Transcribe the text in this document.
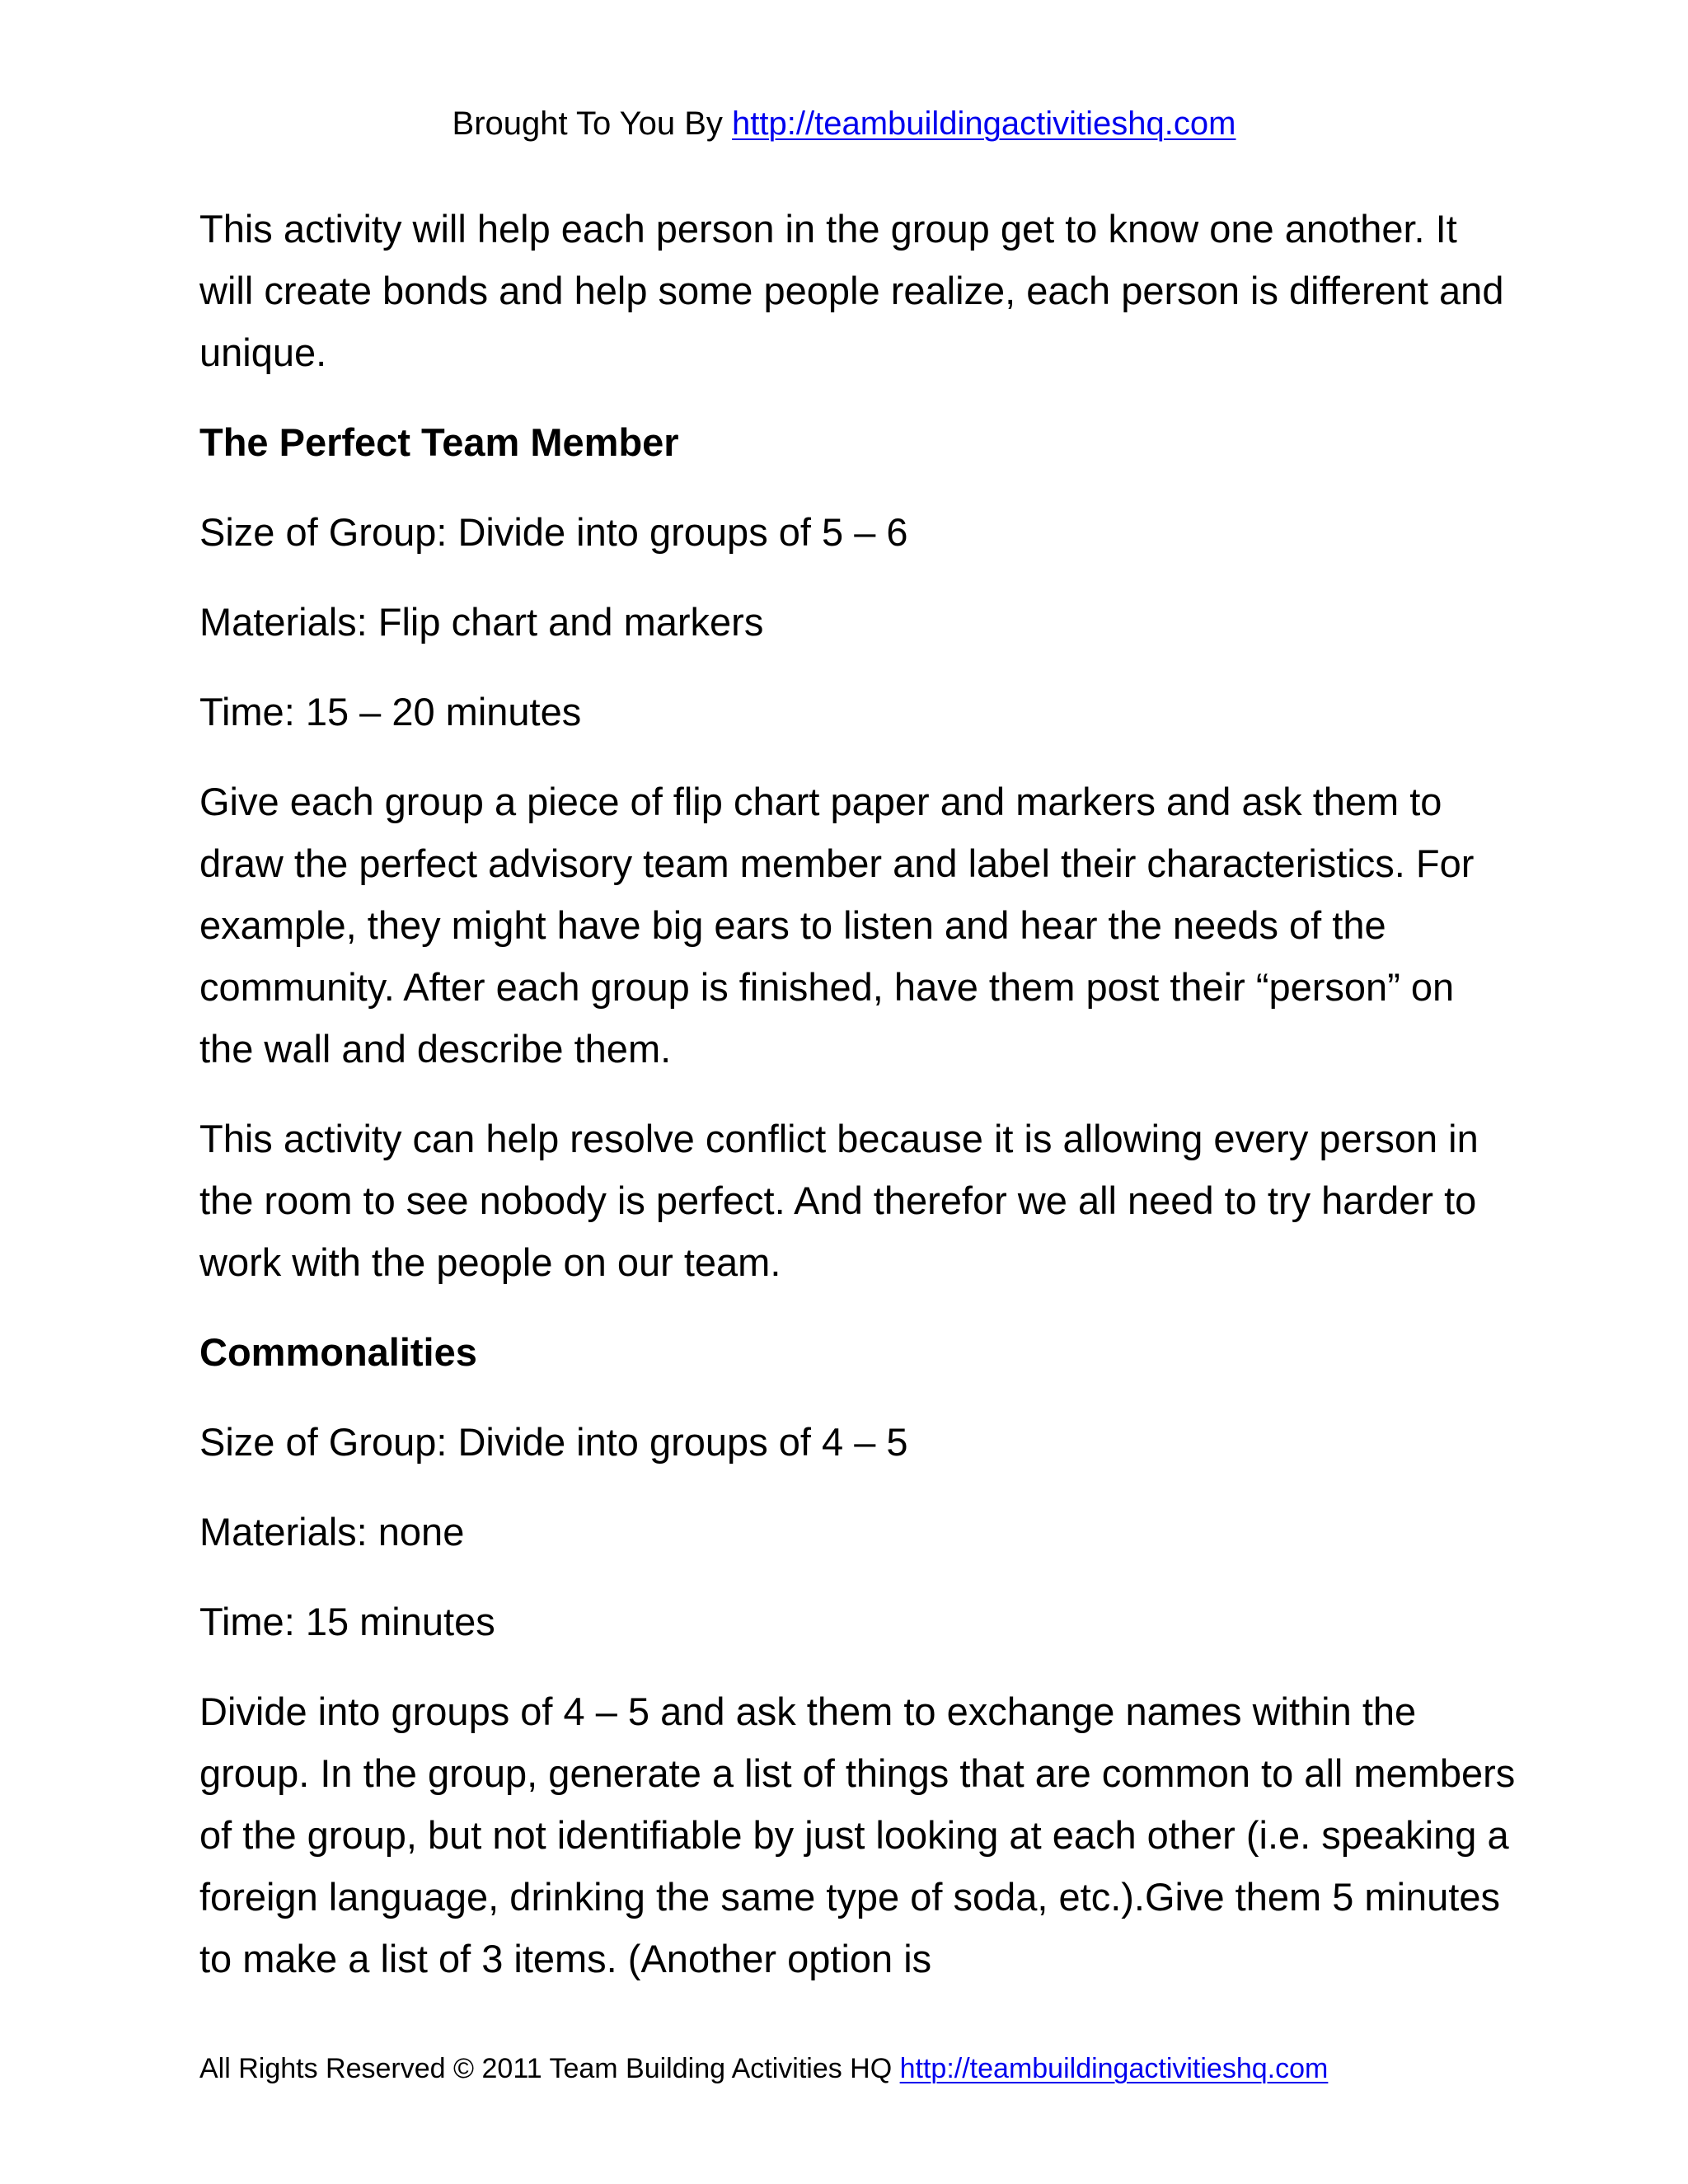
Brought To You By http://teambuildingactivitieshq.com

This activity will help each person in the group get to know one another. It will create bonds and help some people realize, each person is different and unique.

The Perfect Team Member

Size of Group: Divide into groups of 5 – 6

Materials: Flip chart and markers

Time: 15 – 20 minutes

Give each group a piece of flip chart paper and markers and ask them to draw the perfect advisory team member and label their characteristics. For example, they might have big ears to listen and hear the needs of the community. After each group is finished, have them post their “person” on the wall and describe them.

This activity can help resolve conflict because it is allowing every person in the room to see nobody is perfect. And therefor we all need to try harder to work with the people on our team.

Commonalities

Size of Group: Divide into groups of 4 – 5

Materials: none

Time: 15 minutes

Divide into groups of 4 – 5 and ask them to exchange names within the group. In the group, generate a list of things that are common to all members of the group, but not identifiable by just looking at each other (i.e. speaking a foreign language, drinking the same type of soda, etc.).Give them 5 minutes to make a list of 3 items. (Another option is

All Rights Reserved © 2011 Team Building Activities HQ http://teambuildingactivitieshq.com
